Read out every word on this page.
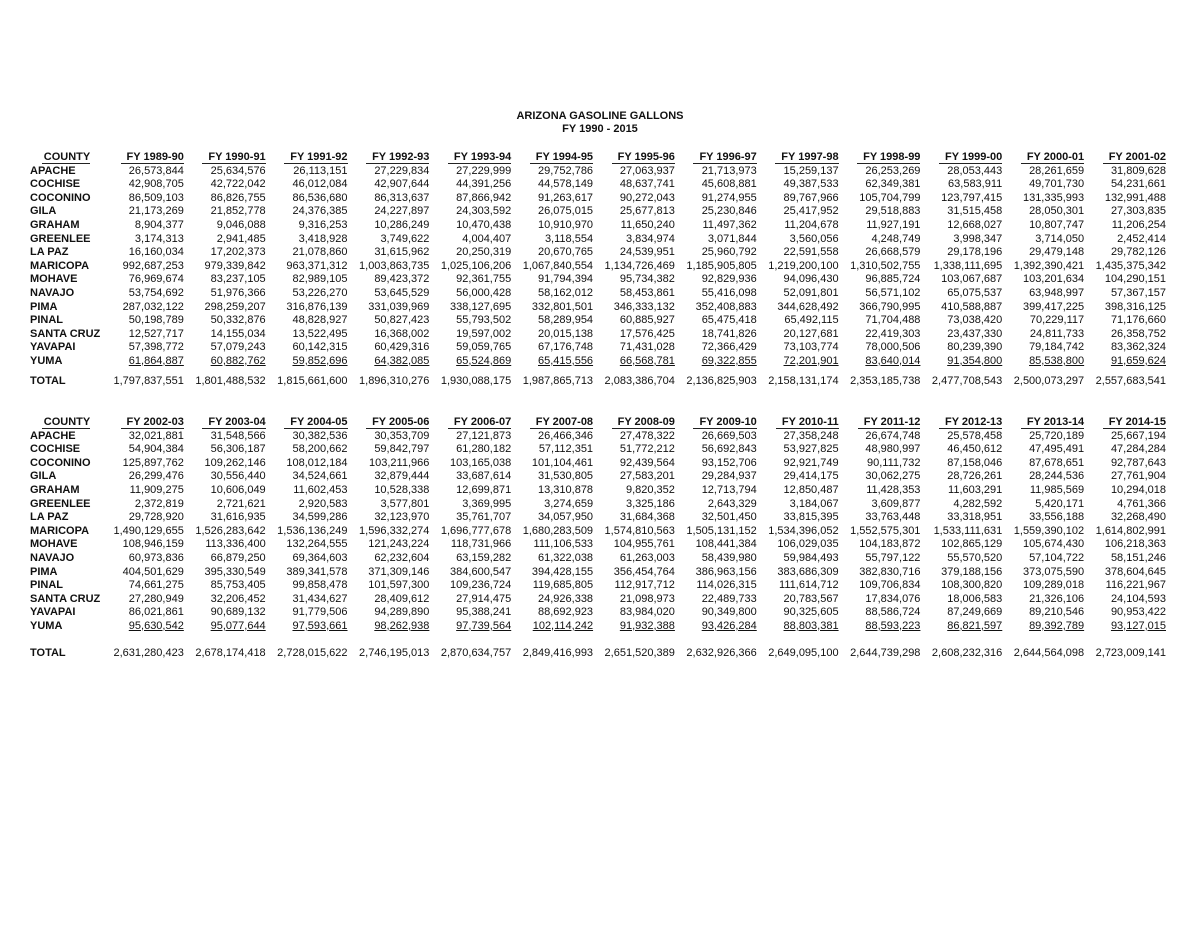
ARIZONA GASOLINE GALLONS
FY 1990 - 2015
COUNTY	FY 1989-90	FY 1990-91	FY 1991-92	FY 1992-93	FY 1993-94	FY 1994-95	FY 1995-96	FY 1996-97	FY 1997-98	FY 1998-99	FY 1999-00	FY 2000-01	FY 2001-02
APACHE	26,573,844	25,634,576	26,113,151	27,229,834	27,229,999	29,752,786	27,063,937	21,713,973	15,259,137	26,253,269	28,053,443	28,261,659	31,809,628
COCHISE	42,908,705	42,722,042	46,012,084	42,907,644	44,391,256	44,578,149	48,637,741	45,608,881	49,387,533	62,349,381	63,583,911	49,701,730	54,231,661
COCONINO	86,509,103	86,826,755	86,536,680	86,313,637	87,866,942	91,263,617	90,272,043	91,274,955	89,767,966	105,704,799	123,797,415	131,335,993	132,991,488
GILA	21,173,269	21,852,778	24,376,385	24,227,897	24,303,592	26,075,015	25,677,813	25,230,846	25,417,952	29,518,883	31,515,458	28,050,301	27,303,835
GRAHAM	8,904,377	9,046,088	9,316,253	10,286,249	10,470,438	10,910,970	11,650,240	11,497,362	11,204,678	11,927,191	12,668,027	10,807,747	11,206,254
GREENLEE	3,174,313	2,941,485	3,418,928	3,749,622	4,004,407	3,118,554	3,834,974	3,071,844	3,560,056	4,248,749	3,998,347	3,714,050	2,452,414
LA PAZ	16,160,034	17,202,373	21,078,860	31,615,962	20,250,319	20,670,765	24,539,951	25,960,792	22,591,558	26,668,579	29,178,196	29,479,148	29,782,126
MARICOPA	992,687,253	979,339,842	963,371,312	1,003,863,735	1,025,106,206	1,067,840,554	1,134,726,469	1,185,905,805	1,219,200,100	1,310,502,755	1,338,111,695	1,392,390,421	1,435,375,342
MOHAVE	76,969,674	83,237,105	82,989,105	89,423,372	92,361,755	91,794,394	95,734,382	92,829,936	94,096,430	96,885,724	103,067,687	103,201,634	104,290,151
NAVAJO	53,754,692	51,976,366	53,226,270	53,645,529	56,000,428	58,162,012	58,453,861	55,416,098	52,091,801	56,571,102	65,075,537	63,948,997	57,367,157
PIMA	287,032,122	298,259,207	316,876,139	331,039,969	338,127,695	332,801,501	346,333,132	352,408,883	344,628,492	366,790,995	410,588,887	399,417,225	398,316,125
PINAL	50,198,789	50,332,876	48,828,927	50,827,423	55,793,502	58,289,954	60,885,927	65,475,418	65,492,115	71,704,488	73,038,420	70,229,117	71,176,660
SANTA CRUZ	12,527,717	14,155,034	13,522,495	16,368,002	19,597,002	20,015,138	17,576,425	18,741,826	20,127,681	22,419,303	23,437,330	24,811,733	26,358,752
YAVAPAI	57,398,772	57,079,243	60,142,315	60,429,316	59,059,765	67,176,748	71,431,028	72,366,429	73,103,774	78,000,506	80,239,390	79,184,742	83,362,324
YUMA	61,864,887	60,882,762	59,852,696	64,382,085	65,524,869	65,415,556	66,568,781	69,322,855	72,201,901	83,640,014	91,354,800	85,538,800	91,659,624

TOTAL	1,797,837,551	1,801,488,532	1,815,661,600	1,896,310,276	1,930,088,175	1,987,865,713	2,083,386,704	2,136,825,903	2,158,131,174	2,353,185,738	2,477,708,543	2,500,073,297	2,557,683,541
COUNTY	FY 2002-03	FY 2003-04	FY 2004-05	FY 2005-06	FY 2006-07	FY 2007-08	FY 2008-09	FY 2009-10	FY 2010-11	FY 2011-12	FY 2012-13	FY 2013-14	FY 2014-15
APACHE	32,021,881	31,548,566	30,382,536	30,353,709	27,121,873	26,466,346	27,478,322	26,669,503	27,358,248	26,674,748	25,578,458	25,720,189	25,667,194
COCHISE	54,904,384	56,306,187	58,200,662	59,842,797	61,280,182	57,112,351	51,772,212	56,692,843	53,927,825	48,980,997	46,450,612	47,495,491	47,284,284
COCONINO	125,897,762	109,262,146	108,012,184	103,211,966	103,165,038	101,104,461	92,439,564	93,152,706	92,921,749	90,111,732	87,158,046	87,678,651	92,787,643
GILA	26,299,476	30,556,440	34,524,661	32,879,444	33,687,614	31,530,805	27,583,201	29,284,937	29,414,175	30,062,275	28,726,261	28,244,536	27,761,904
GRAHAM	11,909,275	10,606,049	11,602,453	10,528,338	12,699,871	13,310,878	9,820,352	12,713,794	12,850,487	11,428,353	11,603,291	11,985,569	10,294,018
GREENLEE	2,372,819	2,721,621	2,920,583	3,577,801	3,369,995	3,274,659	3,325,186	2,643,329	3,184,067	3,609,877	4,282,592	5,420,171	4,761,366
LA PAZ	29,728,920	31,616,935	34,599,286	32,123,970	35,761,707	34,057,950	31,684,368	32,501,450	33,815,395	33,763,448	33,318,951	33,556,188	32,268,490
MARICOPA	1,490,129,655	1,526,283,642	1,536,136,249	1,596,332,274	1,696,777,678	1,680,283,509	1,574,810,563	1,505,131,152	1,534,396,052	1,552,575,301	1,533,111,631	1,559,390,102	1,614,802,991
MOHAVE	108,946,159	113,336,400	132,264,555	121,243,224	118,731,966	111,106,533	104,955,761	108,441,384	106,029,035	104,183,872	102,865,129	105,674,430	106,218,363
NAVAJO	60,973,836	66,879,250	69,364,603	62,232,604	63,159,282	61,322,038	61,263,003	58,439,980	59,984,493	55,797,122	55,570,520	57,104,722	58,151,246
PIMA	404,501,629	395,330,549	389,341,578	371,309,146	384,600,547	394,428,155	356,454,764	386,963,156	383,686,309	382,830,716	379,188,156	373,075,590	378,604,645
PINAL	74,661,275	85,753,405	99,858,478	101,597,300	109,236,724	119,685,805	112,917,712	114,026,315	111,614,712	109,706,834	108,300,820	109,289,018	116,221,967
SANTA CRUZ	27,280,949	32,206,452	31,434,627	28,409,612	27,914,475	24,926,338	21,098,973	22,489,733	20,783,567	17,834,076	18,006,583	21,326,106	24,104,593
YAVAPAI	86,021,861	90,689,132	91,779,506	94,289,890	95,388,241	88,692,923	83,984,020	90,349,800	90,325,605	88,586,724	87,249,669	89,210,546	90,953,422
YUMA	95,630,542	95,077,644	97,593,661	98,262,938	97,739,564	102,114,242	91,932,388	93,426,284	88,803,381	88,593,223	86,821,597	89,392,789	93,127,015

TOTAL	2,631,280,423	2,678,174,418	2,728,015,622	2,746,195,013	2,870,634,757	2,849,416,993	2,651,520,389	2,632,926,366	2,649,095,100	2,644,739,298	2,608,232,316	2,644,564,098	2,723,009,141
